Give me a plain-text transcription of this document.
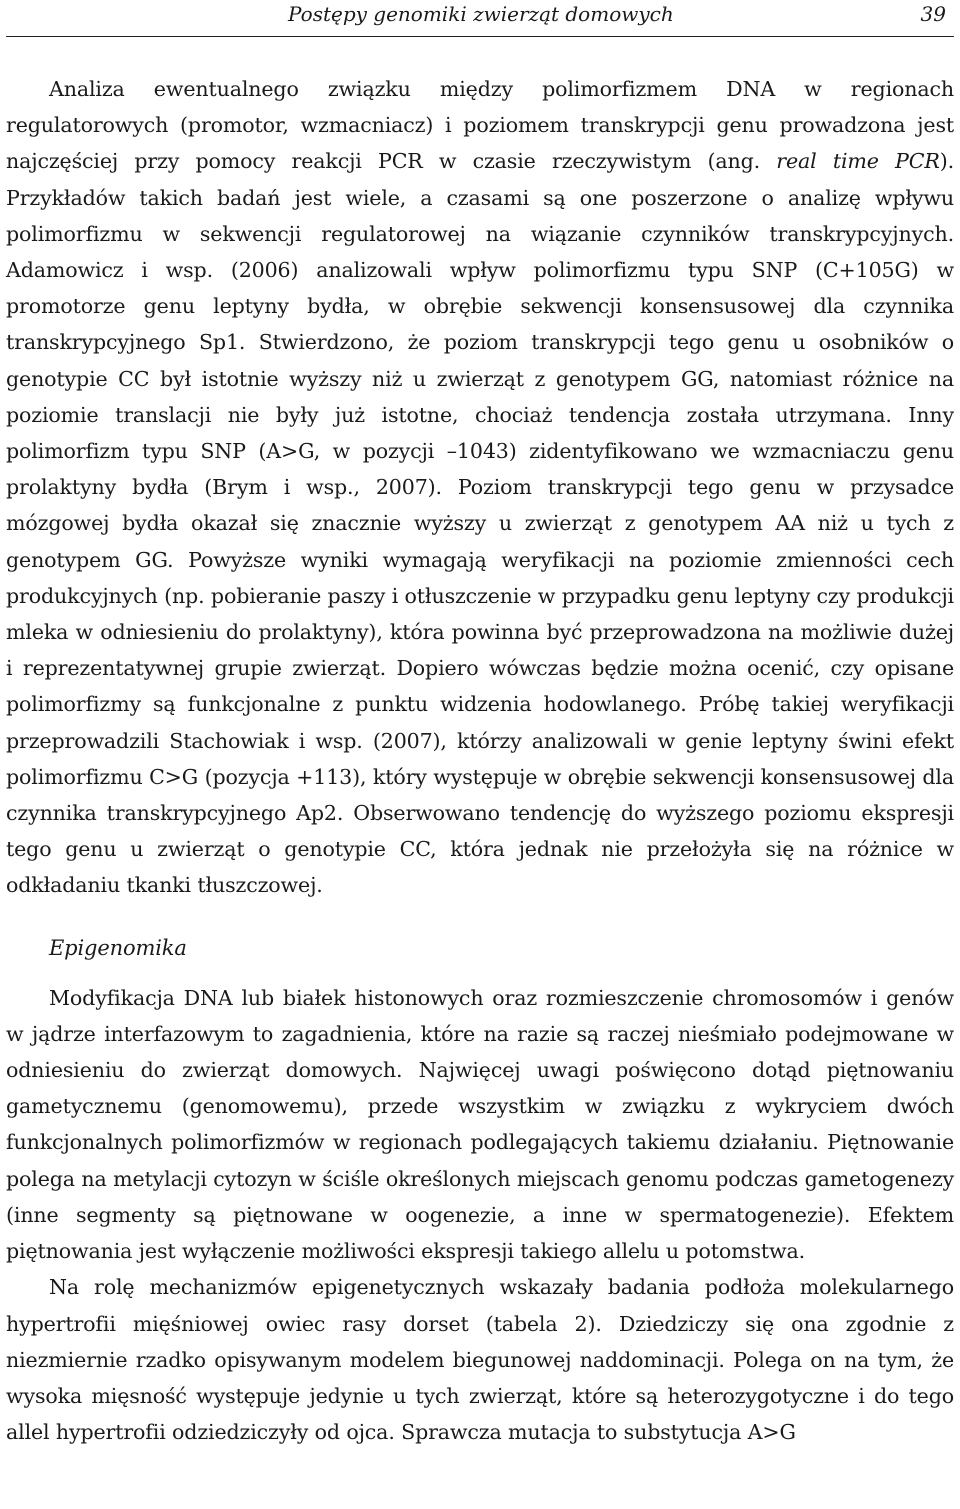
Postępy genomiki zwierząt domowych	39

Analiza ewentualnego związku między polimorfizmem DNA w regionach regulatorowych (promotor, wzmacniacz) i poziomem transkrypcji genu prowadzona jest najczęściej przy pomocy reakcji PCR w czasie rzeczywistym (ang. real time PCR). Przykładów takich badań jest wiele, a czasami są one poszerzone o analizę wpływu polimorfizmu w sekwencji regulatorowej na wiązanie czynników transkrypcyjnych. Adamowicz i wsp. (2006) analizowali wpływ polimorfizmu typu SNP (C+105G) w promotorze genu leptyny bydła, w obrębie sekwencji konsensusowej dla czynnika transkrypcyjnego Sp1. Stwierdzono, że poziom transkrypcji tego genu u osobników o genotypie CC był istotnie wyższy niż u zwierząt z genotypem GG, natomiast różnice na poziomie translacji nie były już istotne, chociaż tendencja została utrzymana. Inny polimorfizm typu SNP (A>G, w pozycji –1043) zidentyfikowano we wzmacniaczu genu prolaktyny bydła (Brym i wsp., 2007). Poziom transkrypcji tego genu w przysadce mózgowej bydła okazał się znacznie wyższy u zwierząt z genotypem AA niż u tych z genotypem GG. Powyższe wyniki wymagają weryfikacji na poziomie zmienności cech produkcyjnych (np. pobieranie paszy i otłuszczenie w przypadku genu leptyny czy produkcji mleka w odniesieniu do prolaktyny), która powinna być przeprowadzona na możliwie dużej i reprezentatywnej grupie zwierząt. Dopiero wówczas będzie można ocenić, czy opisane polimorfizmy są funkcjonalne z punktu widzenia hodowlanego. Próbę takiej weryfikacji przeprowadzili Stachowiak i wsp. (2007), którzy analizowali w genie leptyny świni efekt polimorfizmu C>G (pozycja +113), który występuje w obrębie sekwencji konsensusowej dla czynnika transkrypcyjnego Ap2. Obserwowano tendencję do wyższego poziomu ekspresji tego genu u zwierząt o genotypie CC, która jednak nie przełożyła się na różnice w odkładaniu tkanki tłuszczowej.

Epigenomika

Modyfikacja DNA lub białek histonowych oraz rozmieszczenie chromosomów i genów w jądrze interfazowym to zagadnienia, które na razie są raczej nieśmiało podejmowane w odniesieniu do zwierząt domowych. Najwięcej uwagi poświęcono dotąd piętnowaniu gametycznemu (genomowemu), przede wszystkim w związku z wykryciem dwóch funkcjonalnych polimorfizmów w regionach podlegających takiemu działaniu. Piętnowanie polega na metylacji cytozyn w ściśle określonych miejscach genomu podczas gametogenezy (inne segmenty są piętnowane w oogenezie, a inne w spermatogenezie). Efektem piętnowania jest wyłączenie możliwości ekspresji takiego allelu u potomstwa.

Na rolę mechanizmów epigenetycznych wskazały badania podłoża molekularnego hypertrofii mięśniowej owiec rasy dorset (tabela 2). Dziedziczy się ona zgodnie z niezmiernie rzadko opisywanym modelem biegunowej naddominacji. Polega on na tym, że wysoka mięsność występuje jedynie u tych zwierząt, które są heterozygotyczne i do tego allel hypertrofii odziedziczyły od ojca. Sprawcza mutacja to substytucja A>G
